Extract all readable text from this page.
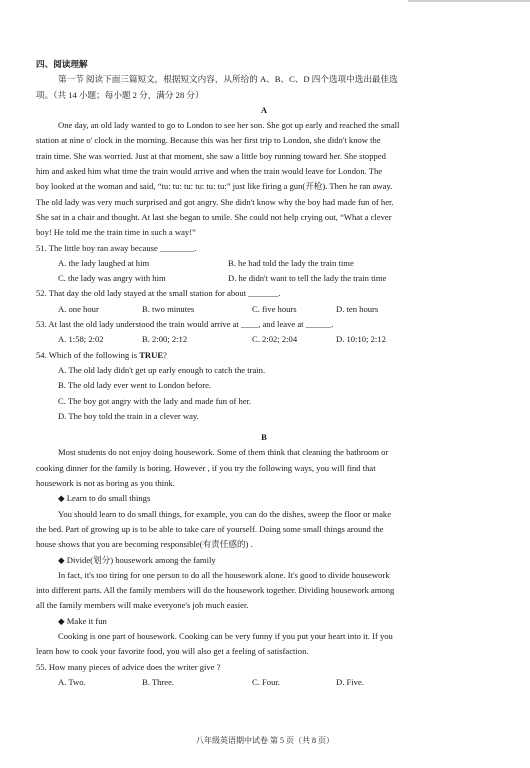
四、阅读理解
第一节 阅读下面三篇短文，根据短文内容，从所给的 A、B、C、D 四个选项中选出最佳选
项。（共 14 小题；每小题 2 分，满分 28 分）
A
One day, an old lady wanted to go to London to see her son. She got up early and reached the small
station at nine o' clock in the morning. Because this was her first trip to London, she didn't know the
train time. She was worried. Just at that moment, she saw a little boy running toward her. She stopped
him and asked him what time the train would arrive and when the train would leave for London. The
boy looked at the woman and said, “tu: tu: tu: tu: tu: tu:” just like firing a gun(开枪). Then he ran away.
The old lady was very much surprised and got angry. She didn't know why the boy had made fun of her.
She sat in a chair and thought. At last she began to smile. She could not help crying out, “What a clever
boy! He told me the train time in such a way!”
51. The little boy ran away because ________.
A. the lady laughed at him	B. he had told the lady the train time
C. the lady was angry with him	D. he didn't want to tell the lady the train time
52. That day the old lady stayed at the small station for about _______.
A. one hour	B. two minutes	C. five hours	D. ten hours
53. At last the old lady understood the train would arrive at ____, and leave at ______.
A. 1:58; 2:02	B. 2:00; 2:12	C. 2:02; 2:04	D. 10:10; 2:12
54. Which of the following is TRUE?
A. The old lady didn't get up early enough to catch the train.
B. The old lady ever went to London before.
C. The boy got angry with the lady and made fun of her.
D. The boy told the train in a clever way.
B
Most students do not enjoy doing housework. Some of them think that cleaning the bathroom or
cooking dinner for the family is boring. However , if you try the following ways, you will find that
housework is not as boring as you think.
◆ Learn to do small things
You should learn to do small things, for example, you can do the dishes, sweep the floor or make
the bed. Part of growing up is to be able to take care of yourself. Doing some small things around the
house shows that you are becoming responsible(有责任感的) .
◆ Divide(划分) housework among the family
In fact, it's too tiring for one person to do all the housework alone. It's good to divide housework
into different parts. All the family members will do the housework together. Dividing housework among
all the family members will make everyone's job much easier.
◆ Make it fun
Cooking is one part of housework. Cooking can be very funny if you put your heart into it. If you
learn how to cook your favorite food, you will also get a feeling of satisfaction.
55. How many pieces of advice does the writer give ?
A. Two.	B. Three.	C. Four.	D. Five.
八年级英语期中试卷 第 5 页（共 8 页）
